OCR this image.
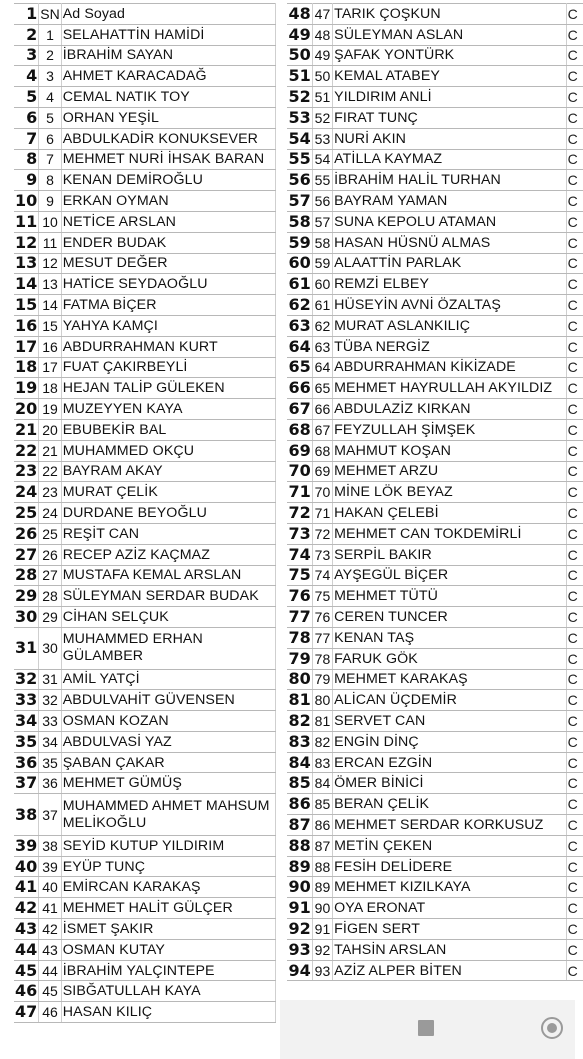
1	SN	Ad Soyad
2	1	SELAHATTİN HAMİDİ
3	2	İBRAHİM SAYAN
4	3	AHMET KARACADAĞ
5	4	CEMAL NATIK TOY
6	5	ORHAN YEŞİL
7	6	ABDULKADİR KONUKSEVER
8	7	MEHMET NURİ İHSAK BARAN
9	8	KENAN DEMİROĞLU
10	9	ERKAN OYMAN
11	10	NETİCE ARSLAN
12	11	ENDER BUDAK
13	12	MESUT DEĞER
14	13	HATİCE SEYDAOĞLU
15	14	FATMA BİÇER
16	15	YAHYA KAMÇI
17	16	ABDURRAHMAN KURT
18	17	FUAT ÇAKIRBEYLİ
19	18	HEJAN TALİP GÜLEKEN
20	19	MUZEYYEN KAYA
21	20	EBUBEKİR BAL
22	21	MUHAMMED OKÇU
23	22	BAYRAM AKAY
24	23	MURAT ÇELİK
25	24	DURDANE BEYOĞLU
26	25	REŞİT CAN
27	26	RECEP AZİZ KAÇMAZ
28	27	MUSTAFA KEMAL ARSLAN
29	28	SÜLEYMAN SERDAR BUDAK
30	29	CİHAN SELÇUK
31	30	MUHAMMED ERHAN GÜLAMBER
32	31	AMİL YATÇİ
33	32	ABDULVAHİT GÜVENSEN
34	33	OSMAN KOZAN
35	34	ABDULVASİ YAZ
36	35	ŞABAN ÇAKAR
37	36	MEHMET GÜMÜŞ
38	37	MUHAMMED AHMET MAHSUM MELİKOĞLU
39	38	SEYİD KUTUP YILDIRIM
40	39	EYÜP TUNÇ
41	40	EMİRCAN KARAKAŞ
42	41	MEHMET HALİT GÜLÇER
43	42	İSMET ŞAKIR
44	43	OSMAN KUTAY
45	44	İBRAHİM YALÇINTEPE
46	45	SIBĞATULLAH KAYA
47	46	HASAN KILIÇ
48	47	TARIK ÇOŞKUN	C
49	48	SÜLEYMAN ASLAN	C
50	49	ŞAFAK YONTÜRK	C
51	50	KEMAL ATABEY	C
52	51	YILDIRIM ANLİ	C
53	52	FIRAT TUNÇ	C
54	53	NURİ AKIN	C
55	54	ATİLLA KAYMAZ	C
56	55	İBRAHİM HALİL TURHAN	C
57	56	BAYRAM YAMAN	C
58	57	SUNA KEPOLU ATAMAN	C
59	58	HASAN HÜSNÜ ALMAS	C
60	59	ALAATTİN PARLAK	C
61	60	REMZİ ELBEY	C
62	61	HÜSEYİN AVNİ ÖZALTAŞ	C
63	62	MURAT ASLANKILIÇ	C
64	63	TÜBA NERGİZ	C
65	64	ABDURRAHMAN KİKİZADE	C
66	65	MEHMET HAYRULLAH AKYILDIZ	C
67	66	ABDULAZİZ KIRKAN	C
68	67	FEYZULLAH ŞİMŞEK	C
69	68	MAHMUT KOŞAN	C
70	69	MEHMET ARZU	C
71	70	MİNE LÖK BEYAZ	C
72	71	HAKAN ÇELEBİ	C
73	72	MEHMET CAN TOKDEMİRLİ	C
74	73	SERPİL BAKIR	C
75	74	AYŞEGÜL BİÇER	C
76	75	MEHMET TÜTÜ	C
77	76	CEREN TUNCER	C
78	77	KENAN TAŞ	C
79	78	FARUK GÖK	C
80	79	MEHMET KARAKAŞ	C
81	80	ALİCAN ÜÇDEMİR	C
82	81	SERVET CAN	C
83	82	ENGİN DİNÇ	C
84	83	ERCAN EZGİN	C
85	84	ÖMER BİNİCİ	C
86	85	BERAN ÇELİK	C
87	86	MEHMET SERDAR KORKUSUZ	C
88	87	METİN ÇEKEN	C
89	88	FESİH DELİDERE	C
90	89	MEHMET KIZILKAYA	C
91	90	OYA ERONAT	C
92	91	FİGEN SERT	C
93	92	TAHSİN ARSLAN	C
94	93	AZİZ ALPER BİTEN	C
